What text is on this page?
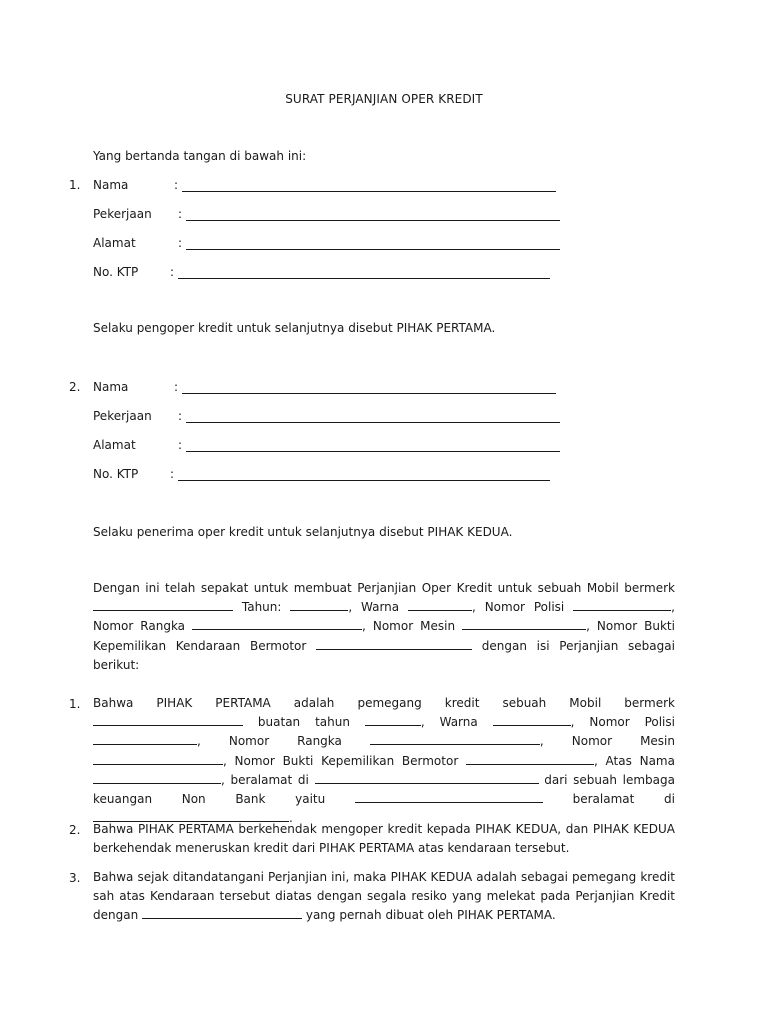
SURAT PERJANJIAN OPER KREDIT
Yang bertanda tangan di bawah ini:
1. Nama	:
Pekerjaan :
Alamat	:
No. KTP	:
Selaku pengoper kredit untuk selanjutnya disebut PIHAK PERTAMA.
2. Nama	:
Pekerjaan :
Alamat	:
No. KTP	:
Selaku penerima oper kredit untuk selanjutnya disebut PIHAK KEDUA.
Dengan ini telah sepakat untuk membuat Perjanjian Oper Kredit untuk sebuah Mobil bermerk  Tahun:	, Warna	, Nomor Polisi	, Nomor Rangka	, Nomor Mesin	, Nomor Bukti Kepemilikan Kendaraan Bermotor	dengan isi Perjanjian sebagai berikut:
1. Bahwa PIHAK PERTAMA adalah pemegang kredit sebuah Mobil bermerk  buatan tahun	, Warna	, Nomor Polisi , Nomor Rangka	, Nomor Mesin , Nomor Bukti Kepemilikan Bermotor	, Atas Nama , beralamat di	dari sebuah lembaga keuangan Non Bank yaitu	beralamat di .
2. Bahwa PIHAK PERTAMA berkehendak mengoper kredit kepada PIHAK KEDUA, dan PIHAK KEDUA berkehendak meneruskan kredit dari PIHAK PERTAMA atas kendaraan tersebut.
3. Bahwa sejak ditandatangani Perjanjian ini, maka PIHAK KEDUA adalah sebagai pemegang kredit sah atas Kendaraan tersebut diatas dengan segala resiko yang melekat pada Perjanjian Kredit dengan	yang pernah dibuat oleh PIHAK PERTAMA.
